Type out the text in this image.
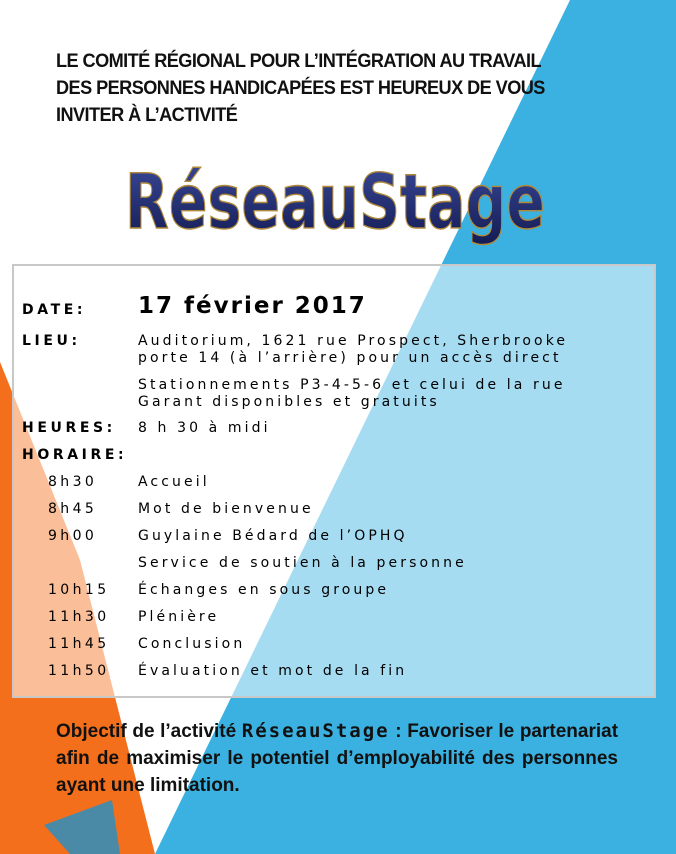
LE COMITÉ RÉGIONAL POUR L’INTÉGRATION AU TRAVAIL
DES PERSONNES HANDICAPÉES EST HEUREUX DE VOUS
INVITER À L’ACTIVITÉ
RéseauStage
DATE: 17 février 2017
LIEU:	Auditorium, 1621 rue Prospect, Sherbrooke
porte 14 (à l’arrière) pour un accès direct
Stationnements P3-4-5-6 et celui de la rue
Garant disponibles et gratuits
HEURES: 8 h 30 à midi
HORAIRE:
8h30	Accueil
8h45	Mot de bienvenue
9h00	Guylaine Bédard de l’OPHQ
Service de soutien à la personne
10h15 Échanges en sous groupe
11h30 Plénière
11h45 Conclusion
11h50 Évaluation et mot de la fin
Objectif de l’activité RéseauStage : Favoriser le partenariat afin de maximiser le potentiel d’employabilité des personnes ayant une limitation.
